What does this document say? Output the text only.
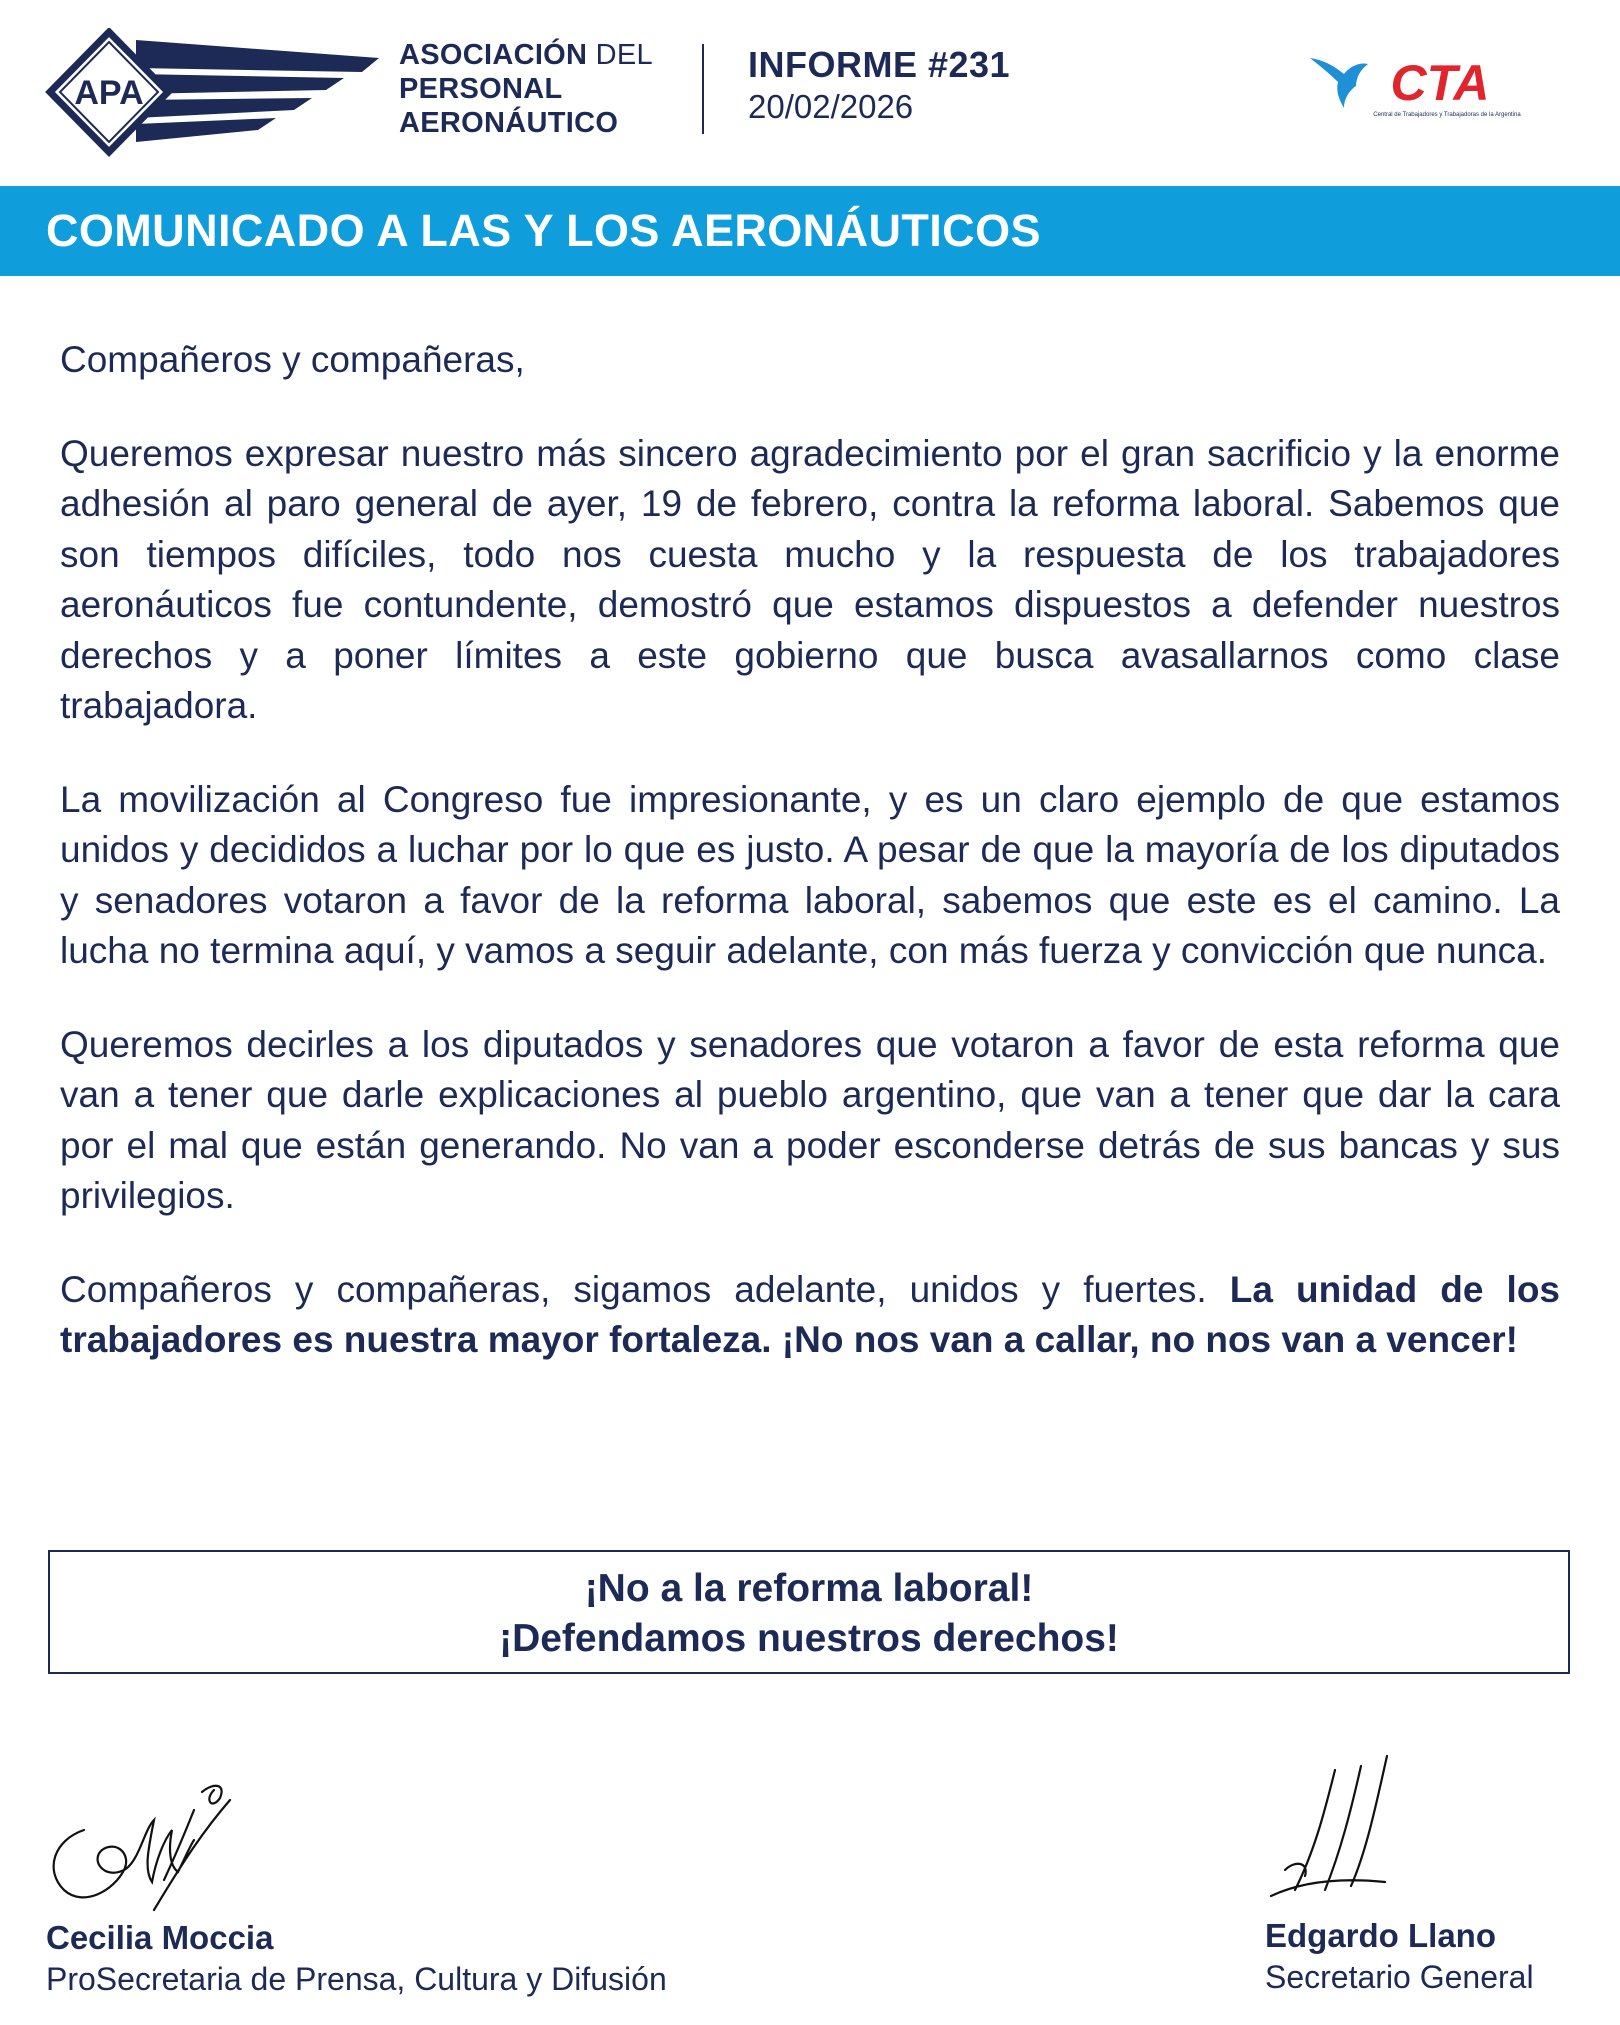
APA
ASOCIACIÓN DEL
PERSONAL
AERONÁUTICO
INFORME #231
20/02/2026	CTA
Central de Trabajadores y Trabajadoras de la Argentina
COMUNICADO A LAS Y LOS AERONÁUTICOS

Compañeros y compañeras,

Queremos expresar nuestro más sincero agradecimiento por el gran sacrificio y la enorme adhesión al paro general de ayer, 19 de febrero, contra la reforma laboral. Sabemos que son tiempos difíciles, todo nos cuesta mucho y la respuesta de los trabajadores aeronáuticos fue contundente, demostró que estamos dispuestos a defender nuestros derechos y a poner límites a este gobierno que busca avasallarnos como clase trabajadora.

La movilización al Congreso fue impresionante, y es un claro ejemplo de que estamos unidos y decididos a luchar por lo que es justo. A pesar de que la mayoría de los diputados y senadores votaron a favor de la reforma laboral, sabemos que este es el camino. La lucha no termina aquí, y vamos a seguir adelante, con más fuerza y convicción que nunca.

Queremos decirles a los diputados y senadores que votaron a favor de esta reforma que van a tener que darle explicaciones al pueblo argentino, que van a tener que dar la cara por el mal que están generando. No van a poder esconderse detrás de sus bancas y sus privilegios.

Compañeros y compañeras, sigamos adelante, unidos y fuertes. La unidad de los trabajadores es nuestra mayor fortaleza. ¡No nos van a callar, no nos van a vencer!

¡No a la reforma laboral!
¡Defendamos nuestros derechos!
Cecilia Moccia
ProSecretaria de Prensa, Cultura y Difusión
Edgardo Llano
Secretario General
